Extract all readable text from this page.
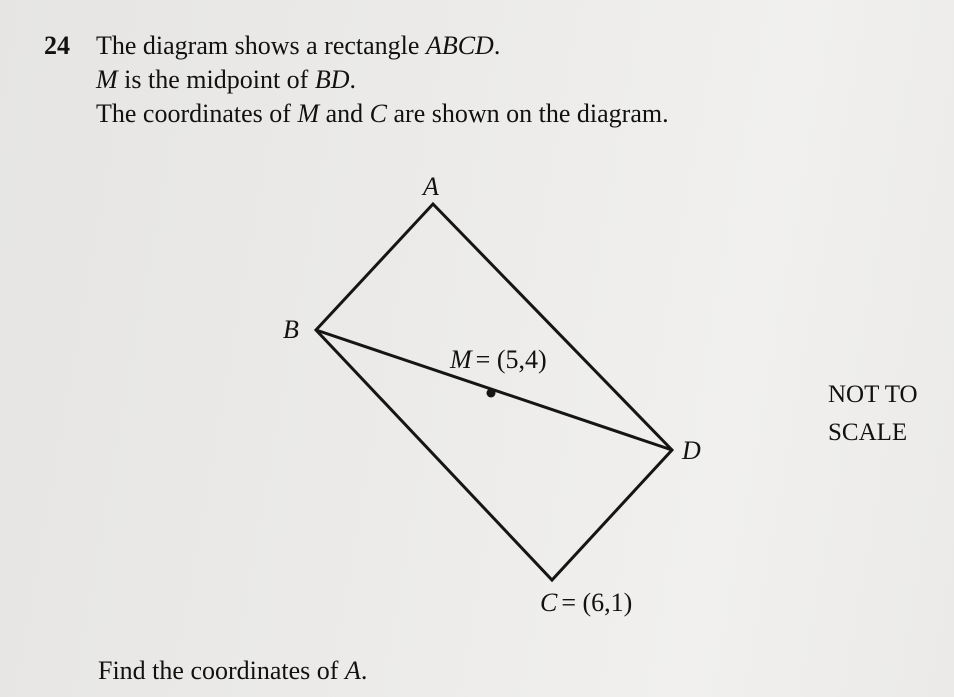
24 The diagram shows a rectangle ABCD.
M is the midpoint of BD.
The coordinates of M and C are shown on the diagram.
A
B
D
M = (5,4)
C = (6,1)
NOT TO
SCALE
Find the coordinates of A.
